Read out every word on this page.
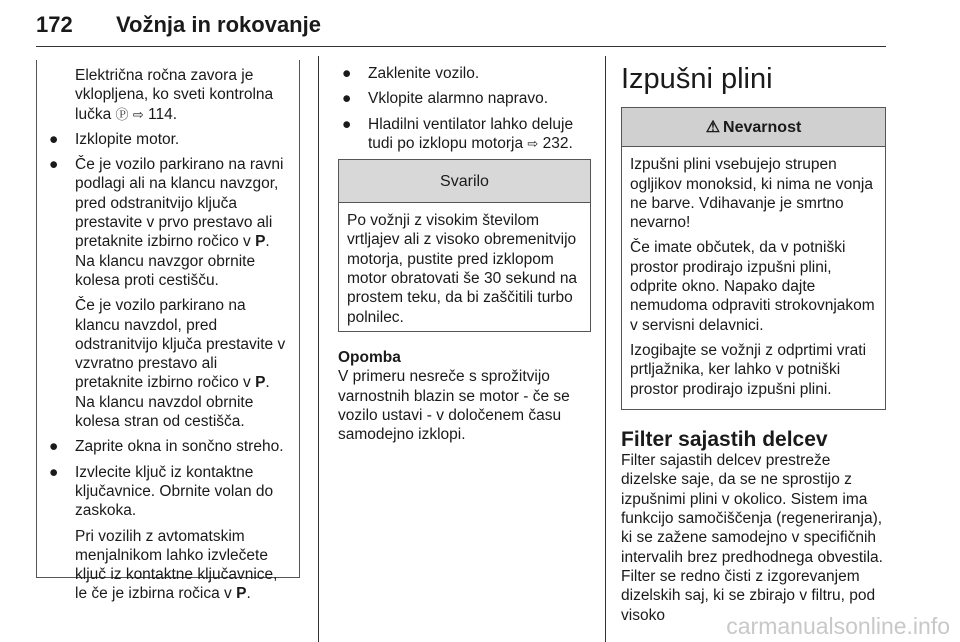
172 Vožnja in rokovanje

Električna ročna zavora je vklopljena, ko sveti kontrolna lučka Ⓟ ⇨ 114.

● Izklopite motor.
● Če je vozilo parkirano na ravni podlagi ali na klancu navzgor, pred odstranitvijo ključa prestavite v prvo prestavo ali pretaknite izbirno ročico v P. Na klancu navzgor obrnite kolesa proti cestišču.

Če je vozilo parkirano na klancu navzdol, pred odstranitvijo ključa prestavite v vzvratno prestavo ali pretaknite izbirno ročico v P. Na klancu navzdol obrnite kolesa stran od cestišča.

● Zaprite okna in sončno streho.
● Izvlecite ključ iz kontaktne ključavnice. Obrnite volan do zaskoka.

Pri vozilih z avtomatskim menjalnikom lahko izvlečete ključ iz kontaktne ključavnice, le če je izbirna ročica v P.

● Zaklenite vozilo.
● Vklopite alarmno napravo.
● Hladilni ventilator lahko deluje tudi po izklopu motorja ⇨ 232.
Svarilo
Po vožnji z visokim številom vrtljajev ali z visoko obremenitvijo motorja, pustite pred izklopom motor obratovati še 30 sekund na prostem teku, da bi zaščitili turbo polnilec.
Opomba
V primeru nesreče s sprožitvijo varnostnih blazin se motor - če se vozilo ustavi - v določenem času samodejno izklopi.
Izpušni plini
⚠ Nevarnost

Izpušni plini vsebujejo strupen ogljikov monoksid, ki nima ne vonja ne barve. Vdihavanje je smrtno nevarno!

Če imate občutek, da v potniški prostor prodirajo izpušni plini, odprite okno. Napako dajte nemudoma odpraviti strokovnjakom v servisni delavnici.

Izogibajte se vožnji z odprtimi vrati prtljažnika, ker lahko v potniški prostor prodirajo izpušni plini.

Filter sajastih delcev
Filter sajastih delcev prestreže dizelske saje, da se ne sprostijo z izpušnimi plini v okolico. Sistem ima funkcijo samočiščenja (regeneriranja), ki se zažene samodejno v specifičnih intervalih brez predhodnega obvestila. Filter se redno čisti z izgorevanjem dizelskih saj, ki se zbirajo v filtru, pod visoko	carmanualsonline.info
